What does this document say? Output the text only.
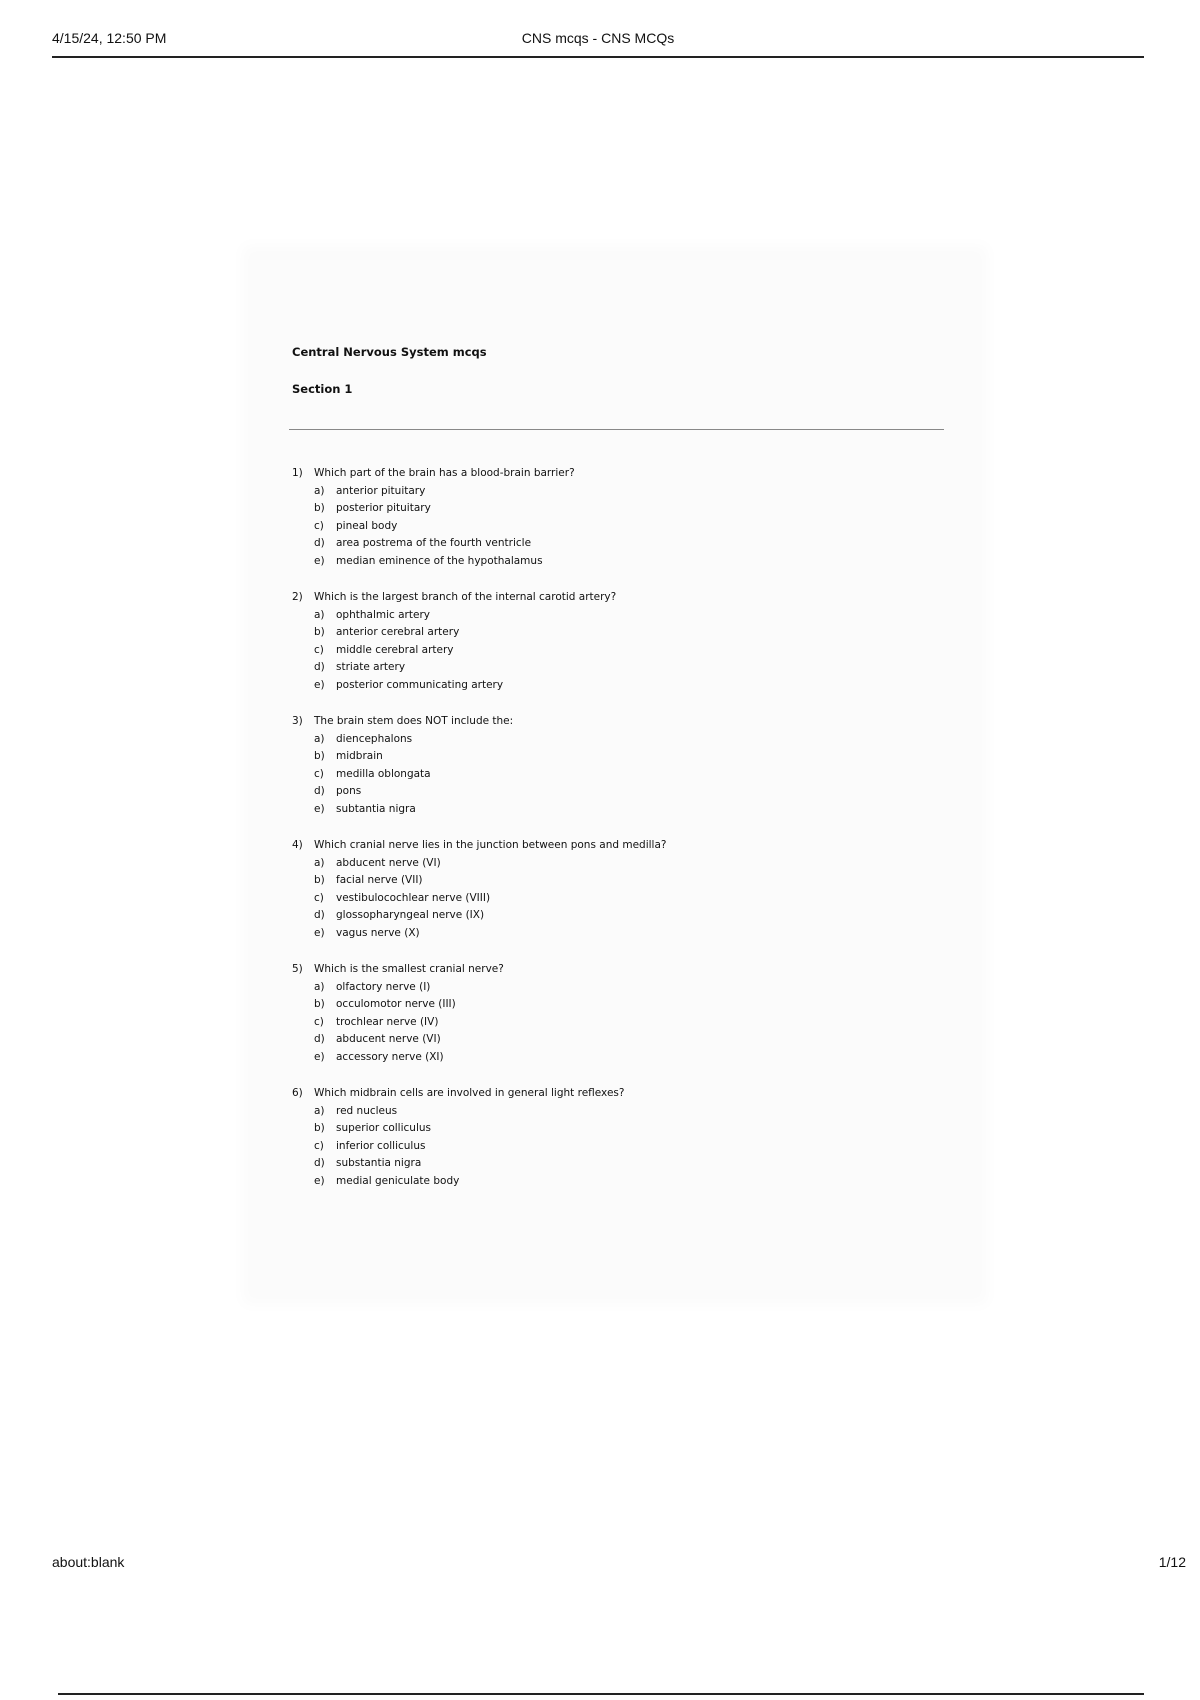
4/15/24, 12:50 PM	CNS mcqs - CNS MCQs

Central Nervous System mcqs

Section 1

1) Which part of the brain has a blood-brain barrier?
a) anterior pituitary
b) posterior pituitary
c) pineal body
d) area postrema of the fourth ventricle
e) median eminence of the hypothalamus
2) Which is the largest branch of the internal carotid artery?
a) ophthalmic artery
b) anterior cerebral artery
c) middle cerebral artery
d) striate artery
e) posterior communicating artery
3) The brain stem does NOT include the:
a) diencephalons
b) midbrain
c) medilla oblongata
d) pons
e) subtantia nigra
4) Which cranial nerve lies in the junction between pons and medilla?
a) abducent nerve (VI)
b) facial nerve (VII)
c) vestibulocochlear nerve (VIII)
d) glossopharyngeal nerve (IX)
e) vagus nerve (X)
5) Which is the smallest cranial nerve?
a) olfactory nerve (I)
b) occulomotor nerve (III)
c) trochlear nerve (IV)
d) abducent nerve (VI)
e) accessory nerve (XI)
6) Which midbrain cells are involved in general light reflexes?
a) red nucleus
b) superior colliculus
c) inferior colliculus
d) substantia nigra
e) medial geniculate body
about:blank	1/12
